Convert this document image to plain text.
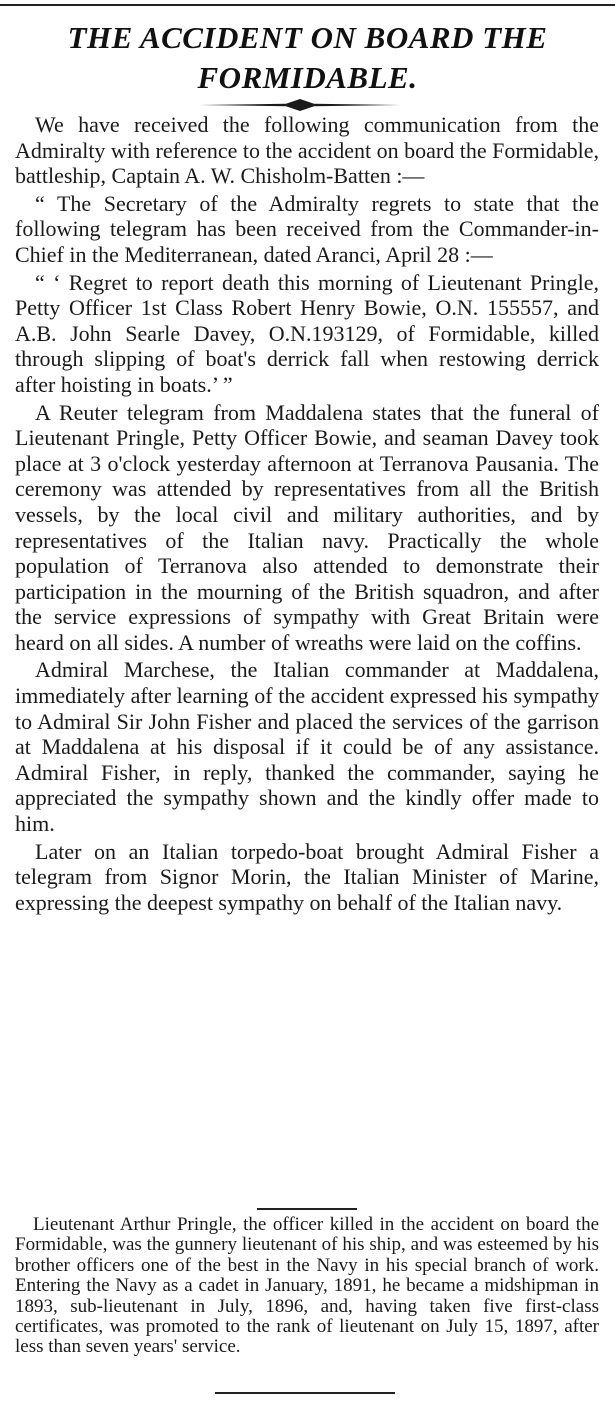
THE ACCIDENT ON BOARD THE FORMIDABLE.

We have received the following communication from the Admiralty with reference to the accident on board the Formidable, battleship, Captain A. W. Chisholm-Batten :—

“ The Secretary of the Admiralty regrets to state that the following telegram has been received from the Commander-in-Chief in the Mediterranean, dated Aranci, April 28 :—

“ ‘ Regret to report death this morning of Lieutenant Pringle, Petty Officer 1st Class Robert Henry Bowie, O.N. 155557, and A.B. John Searle Davey, O.N.193129, of Formidable, killed through slipping of boat's derrick fall when restowing derrick after hoisting in boats.’ ”

A Reuter telegram from Maddalena states that the funeral of Lieutenant Pringle, Petty Officer Bowie, and seaman Davey took place at 3 o'clock yesterday afternoon at Terranova Pausania. The ceremony was attended by representatives from all the British vessels, by the local civil and military authorities, and by representatives of the Italian navy. Practically the whole population of Terranova also attended to demonstrate their participation in the mourning of the British squadron, and after the service expressions of sympathy with Great Britain were heard on all sides. A number of wreaths were laid on the coffins.

Admiral Marchese, the Italian commander at Maddalena, immediately after learning of the accident expressed his sympathy to Admiral Sir John Fisher and placed the services of the garrison at Maddalena at his disposal if it could be of any assistance. Admiral Fisher, in reply, thanked the commander, saying he appreciated the sympathy shown and the kindly offer made to him.

Later on an Italian torpedo-boat brought Admiral Fisher a telegram from Signor Morin, the Italian Minister of Marine, expressing the deepest sympathy on behalf of the Italian navy.

Lieutenant Arthur Pringle, the officer killed in the accident on board the Formidable, was the gunnery lieutenant of his ship, and was esteemed by his brother officers one of the best in the Navy in his special branch of work. Entering the Navy as a cadet in January, 1891, he became a midshipman in 1893, sub-lieutenant in July, 1896, and, having taken five first-class certificates, was promoted to the rank of lieutenant on July 15, 1897, after less than seven years' service.
